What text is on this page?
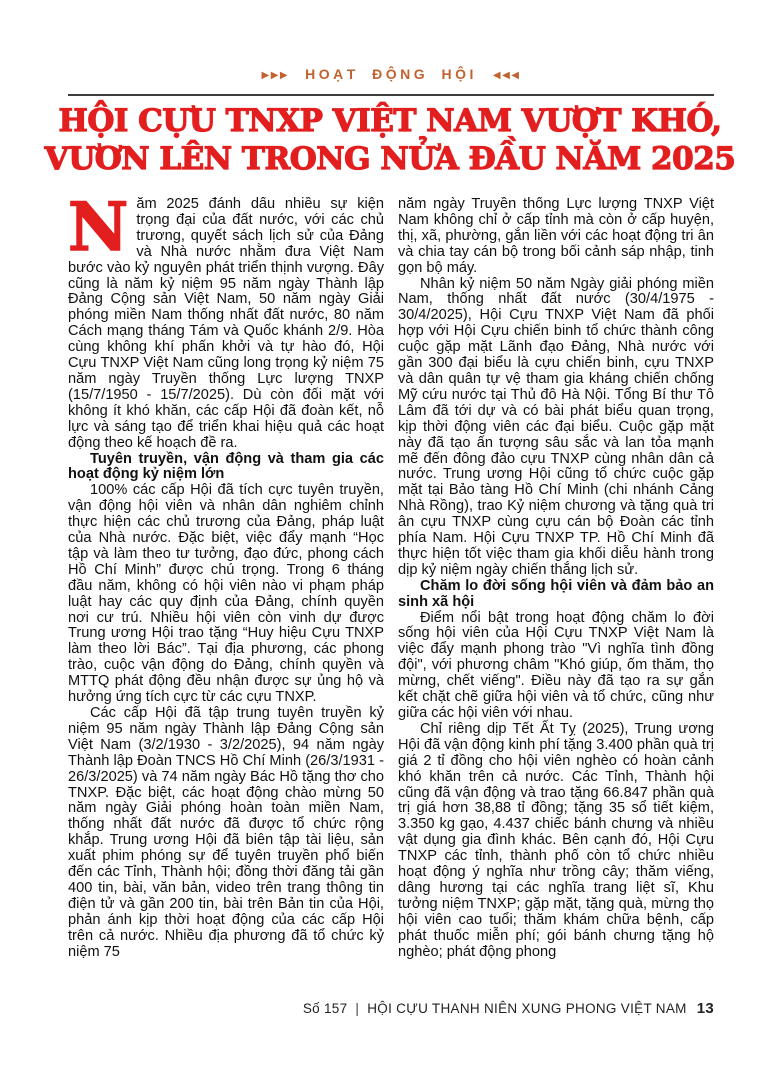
▶▶▶ HOẠT ĐỘNG HỘI ◀◀◀
HỘI CỰU TNXP VIỆT NAM VƯỢT KHÓ,
VƯƠN LÊN TRONG NỬA ĐẦU NĂM 2025

Năm 2025 đánh dấu nhiều sự kiện trọng đại của đất nước, với các chủ trương, quyết sách lịch sử của Đảng và Nhà nước nhằm đưa Việt Nam bước vào kỷ nguyên phát triển thịnh vượng. Đây cũng là năm kỷ niệm 95 năm ngày Thành lập Đảng Cộng sản Việt Nam, 50 năm ngày Giải phóng miền Nam thống nhất đất nước, 80 năm Cách mạng tháng Tám và Quốc khánh 2/9. Hòa cùng không khí phấn khởi và tự hào đó, Hội Cựu TNXP Việt Nam cũng long trọng kỷ niệm 75 năm ngày Truyền thống Lực lượng TNXP (15/7/1950 - 15/7/2025). Dù còn đối mặt với không ít khó khăn, các cấp Hội đã đoàn kết, nỗ lực và sáng tạo để triển khai hiệu quả các hoạt động theo kế hoạch đề ra.

Tuyên truyền, vận động và tham gia các hoạt động kỷ niệm lớn

100% các cấp Hội đã tích cực tuyên truyền, vận động hội viên và nhân dân nghiêm chỉnh thực hiện các chủ trương của Đảng, pháp luật của Nhà nước. Đặc biệt, việc đẩy mạnh “Học tập và làm theo tư tưởng, đạo đức, phong cách Hồ Chí Minh” được chú trọng. Trong 6 tháng đầu năm, không có hội viên nào vi phạm pháp luật hay các quy định của Đảng, chính quyền nơi cư trú. Nhiều hội viên còn vinh dự được Trung ương Hội trao tặng “Huy hiệu Cựu TNXP làm theo lời Bác”. Tại địa phương, các phong trào, cuộc vận động do Đảng, chính quyền và MTTQ phát động đều nhận được sự ủng hộ và hưởng ứng tích cực từ các cựu TNXP.

Các cấp Hội đã tập trung tuyên truyền kỷ niệm 95 năm ngày Thành lập Đảng Cộng sản Việt Nam (3/2/1930 - 3/2/2025), 94 năm ngày Thành lập Đoàn TNCS Hồ Chí Minh (26/3/1931 - 26/3/2025) và 74 năm ngày Bác Hồ tặng thơ cho TNXP. Đặc biệt, các hoạt động chào mừng 50 năm ngày Giải phóng hoàn toàn miền Nam, thống nhất đất nước đã được tổ chức rộng khắp. Trung ương Hội đã biên tập tài liệu, sản xuất phim phóng sự để tuyên truyền phổ biến đến các Tỉnh, Thành hội; đồng thời đăng tải gần 400 tin, bài, văn bản, video trên trang thông tin điện tử và gần 200 tin, bài trên Bản tin của Hội, phản ánh kịp thời hoạt động của các cấp Hội trên cả nước. Nhiều địa phương đã tổ chức kỷ niệm 75

năm ngày Truyền thống Lực lượng TNXP Việt Nam không chỉ ở cấp tỉnh mà còn ở cấp huyện, thị, xã, phường, gắn liền với các hoạt động tri ân và chia tay cán bộ trong bối cảnh sáp nhập, tinh gọn bộ máy.

Nhân kỷ niệm 50 năm Ngày giải phóng miền Nam, thống nhất đất nước (30/4/1975 - 30/4/2025), Hội Cựu TNXP Việt Nam đã phối hợp với Hội Cựu chiến binh tổ chức thành công cuộc gặp mặt Lãnh đạo Đảng, Nhà nước với gần 300 đại biểu là cựu chiến binh, cựu TNXP và dân quân tự vệ tham gia kháng chiến chống Mỹ cứu nước tại Thủ đô Hà Nội. Tổng Bí thư Tô Lâm đã tới dự và có bài phát biểu quan trọng, kịp thời động viên các đại biểu. Cuộc gặp mặt này đã tạo ấn tượng sâu sắc và lan tỏa mạnh mẽ đến đông đảo cựu TNXP cùng nhân dân cả nước. Trung ương Hội cũng tổ chức cuộc gặp mặt tại Bảo tàng Hồ Chí Minh (chi nhánh Cảng Nhà Rồng), trao Kỷ niệm chương và tặng quà tri ân cựu TNXP cùng cựu cán bộ Đoàn các tỉnh phía Nam. Hội Cựu TNXP TP. Hồ Chí Minh đã thực hiện tốt việc tham gia khối diễu hành trong dịp kỷ niệm ngày chiến thắng lịch sử.

Chăm lo đời sống hội viên và đảm bảo an sinh xã hội

Điểm nổi bật trong hoạt động chăm lo đời sống hội viên của Hội Cựu TNXP Việt Nam là việc đẩy mạnh phong trào "Vì nghĩa tình đồng đội", với phương châm "Khó giúp, ốm thăm, thọ mừng, chết viếng". Điều này đã tạo ra sự gắn kết chặt chẽ giữa hội viên và tổ chức, cũng như giữa các hội viên với nhau.

Chỉ riêng dịp Tết Ất Tỵ (2025), Trung ương Hội đã vận động kinh phí tặng 3.400 phần quà trị giá 2 tỉ đồng cho hội viên nghèo có hoàn cảnh khó khăn trên cả nước. Các Tỉnh, Thành hội cũng đã vận động và trao tặng 66.847 phần quà trị giá hơn 38,88 tỉ đồng; tặng 35 sổ tiết kiệm, 3.350 kg gạo, 4.437 chiếc bánh chưng và nhiều vật dụng gia đình khác. Bên cạnh đó, Hội Cựu TNXP các tỉnh, thành phố còn tổ chức nhiều hoạt động ý nghĩa như trồng cây; thăm viếng, dâng hương tại các nghĩa trang liệt sĩ, Khu tưởng niệm TNXP; gặp mặt, tặng quà, mừng thọ hội viên cao tuổi; thăm khám chữa bệnh, cấp phát thuốc miễn phí; gói bánh chưng tặng hộ nghèo; phát động phong

Số 157 | HỘI CỰU THANH NIÊN XUNG PHONG VIỆT NAM 13
